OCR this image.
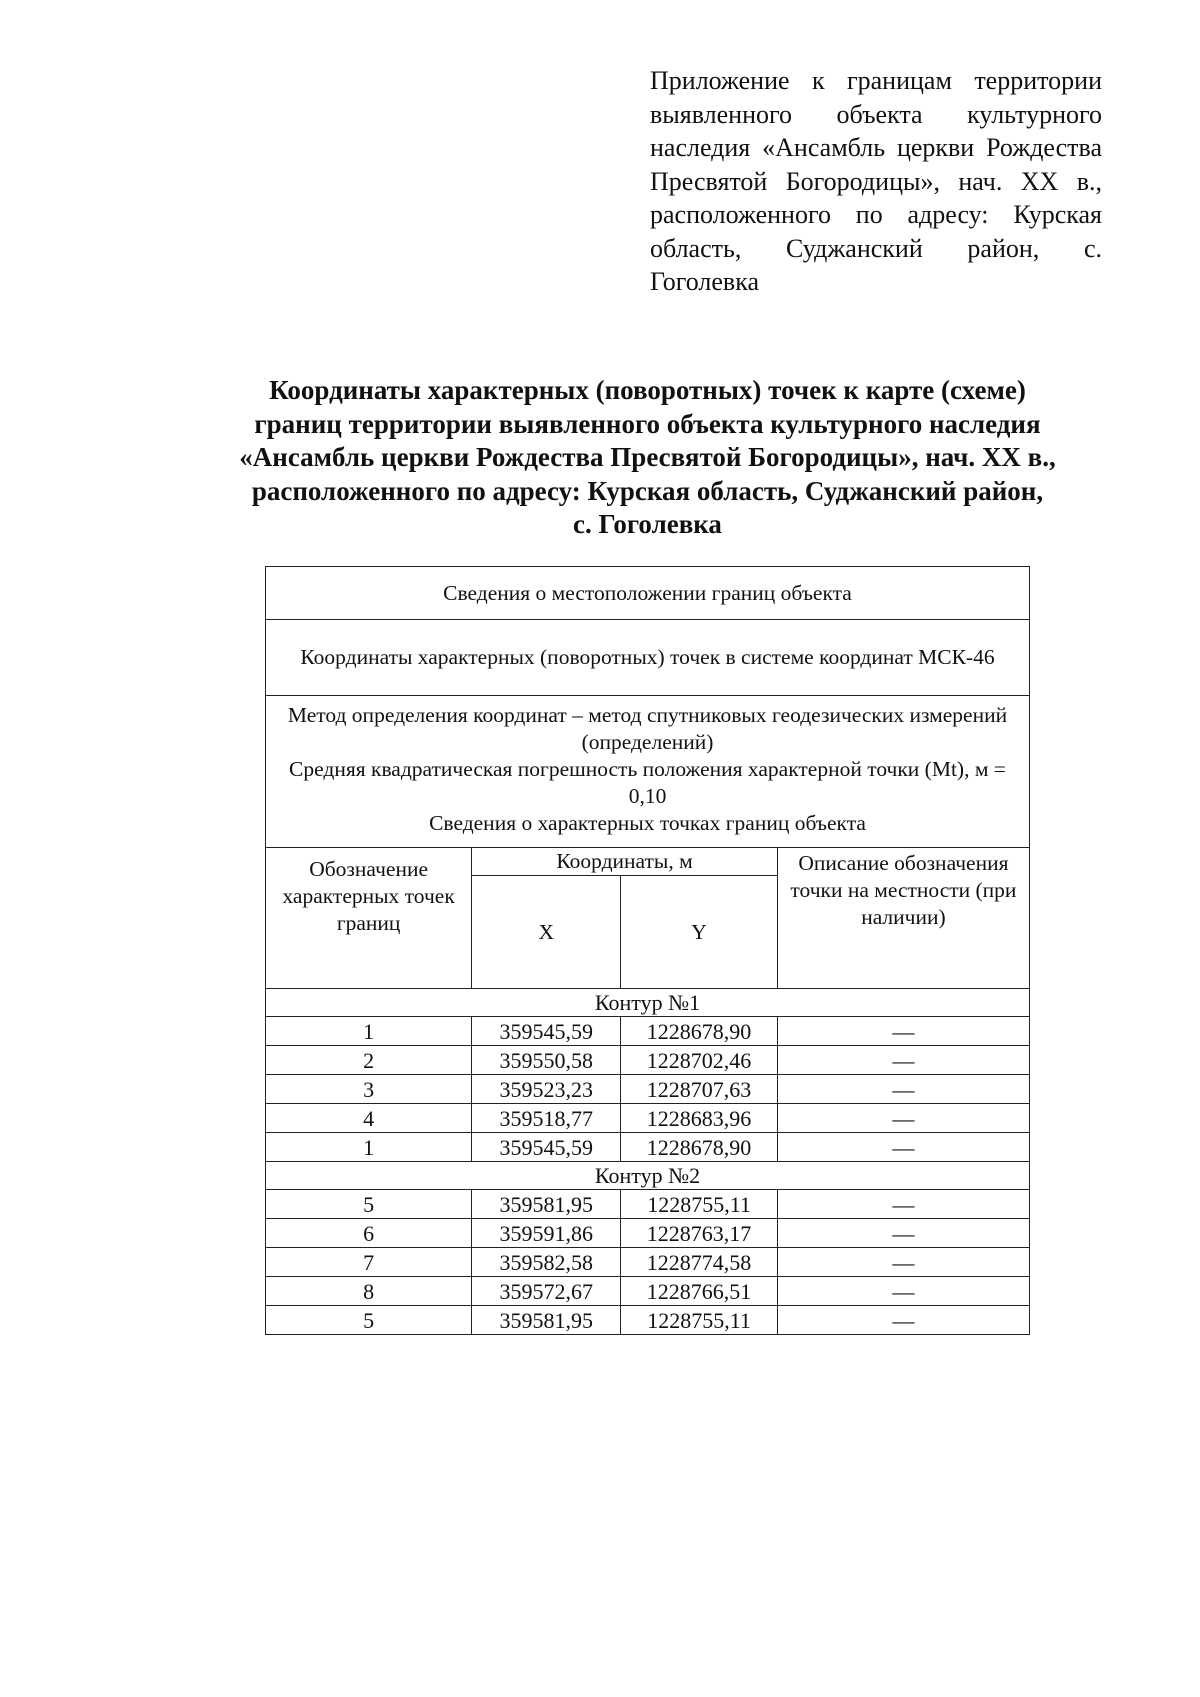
Приложение к границам территории выявленного объекта культурного наследия «Ансамбль церкви Рождества Пресвятой Богородицы», нач. XX в., расположенного по адресу: Курская область, Суджанский район, с. Гоголевка
Координаты характерных (поворотных) точек к карте (схеме)
границ территории выявленного объекта культурного наследия
«Ансамбль церкви Рождества Пресвятой Богородицы», нач. XX в.,
расположенного по адресу: Курская область, Суджанский район,
с. Гоголевка
Сведения о местоположении границ объекта			
Координаты характерных (поворотных) точек в системе координат МСК-46			

Метод определения координат – метод спутниковых геодезических измерений (определений)
Средняя квадратическая погрешность положения характерной точки (Mt), м = 0,10
Сведения о характерных точках границ объекта			

Обозначение характерных точек границ	Координаты, м		Описание обозначения точки на местности (при наличии)
	X	Y	
Контур №1			
1	359545,59	1228678,90	—
2	359550,58	1228702,46	—
3	359523,23	1228707,63	—
4	359518,77	1228683,96	—
1	359545,59	1228678,90	—
Контур №2			
5	359581,95	1228755,11	—
6	359591,86	1228763,17	—
7	359582,58	1228774,58	—
8	359572,67	1228766,51	—
5	359581,95	1228755,11	—
